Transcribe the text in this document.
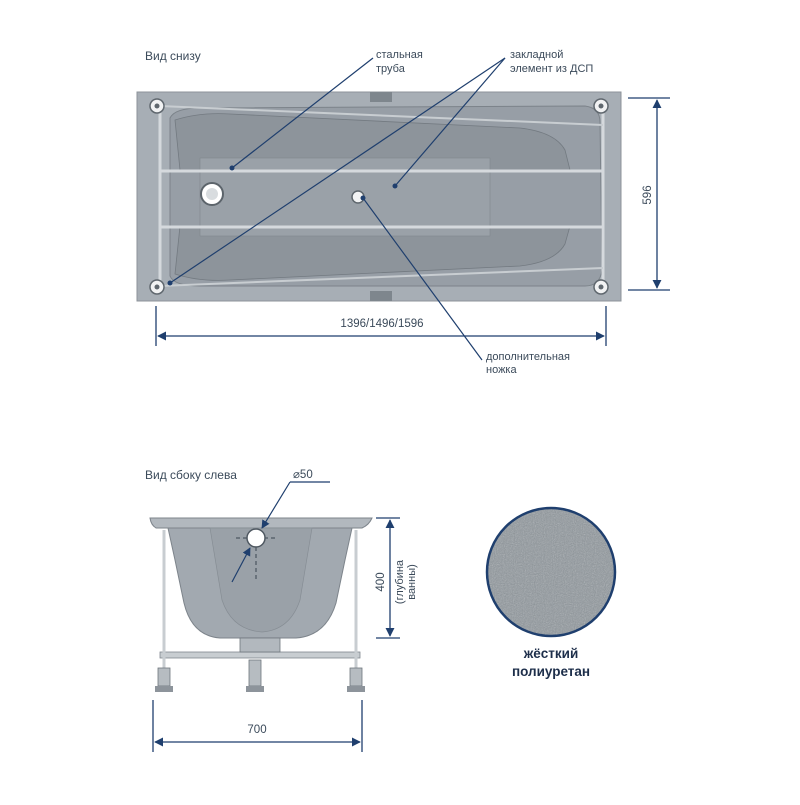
Вид снизу	стальная
труба
закладной
элемент из ДСП
дополнительная
ножка
1396/1496/1596
596
Вид сбоку слева	⌀50
400 (глубина ванны)
700
жёсткий
полиуретан
